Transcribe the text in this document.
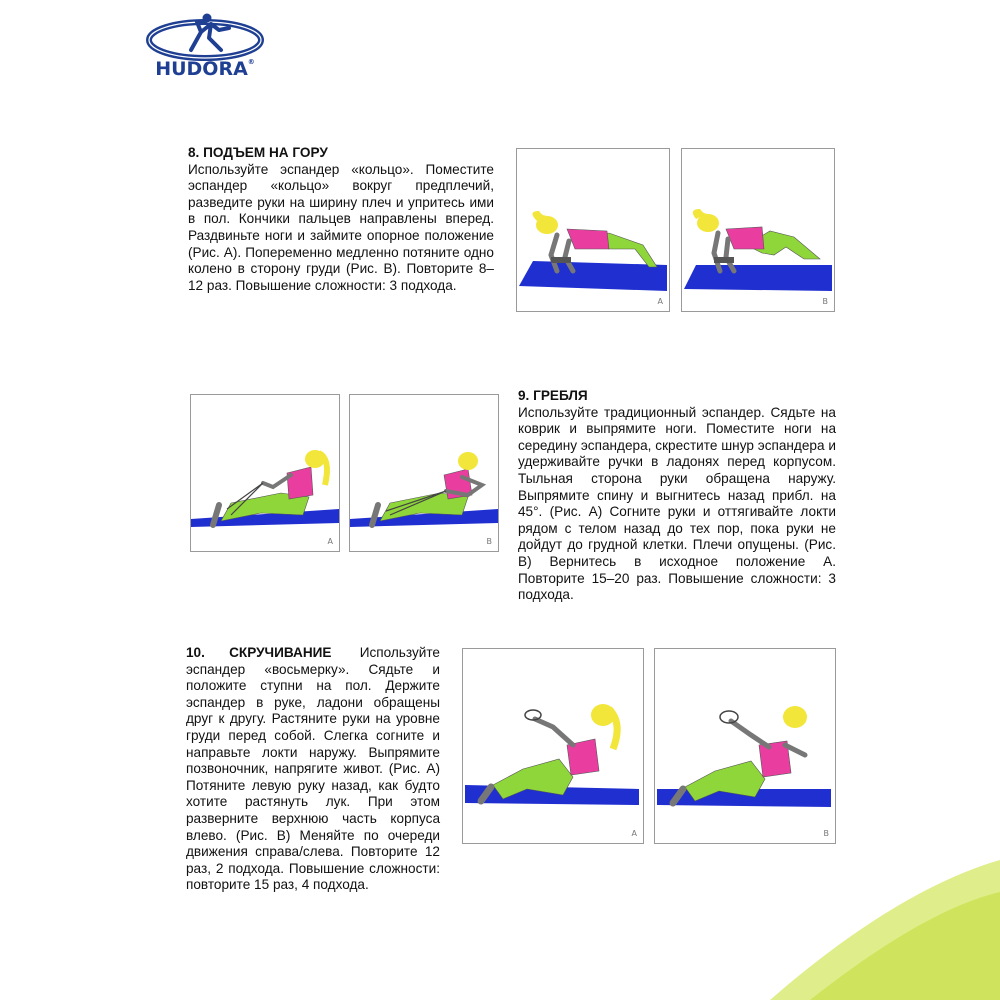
HUDORA®

8. ПОДЪЕМ НА ГОРУ

Используйте эспандер «кольцо». Поместите эспандер «кольцо» вокруг предплечий, разведите руки на ширину плеч и упритесь ими в пол. Кончики пальцев направлены вперед. Раздвиньте ноги и займите опорное положение (Рис. A). Попеременно медленно потяните одно колено в сторону груди (Рис. B). Повторите 8–12 раз. Повышение сложности: 3 подхода.

9. ГРЕБЛЯ

Используйте традиционный эспандер. Сядьте на коврик и выпрямите ноги. Поместите ноги на середину эспандера, скрестите шнур эспандера и удерживайте ручки в ладонях перед корпусом. Тыльная сторона руки обращена наружу. Выпрямите спину и выгнитесь назад прибл. на 45°. (Рис. A) Согните руки и оттягивайте локти рядом с телом назад до тех пор, пока руки не дойдут до грудной клетки. Плечи опущены. (Рис. B) Вернитесь в исходное положение A. Повторите 15–20 раз. Повышение сложности: 3 подхода.

10. СКРУЧИВАНИЕ Используйте эспандер «восьмерку». Сядьте и положите ступни на пол. Держите эспандер в руке, ладони обращены друг к другу. Растяните руки на уровне груди перед собой. Слегка согните и направьте локти наружу. Выпрямите позвоночник, напрягите живот. (Рис. A) Потяните левую руку назад, как будто хотите растянуть лук. При этом разверните верхнюю часть корпуса влево. (Рис. B) Меняйте по очереди движения справа/слева. Повторите 12 раз, 2 подхода. Повышение сложности: повторите 15 раз, 4 подхода.

A	B
A	B
A	B
